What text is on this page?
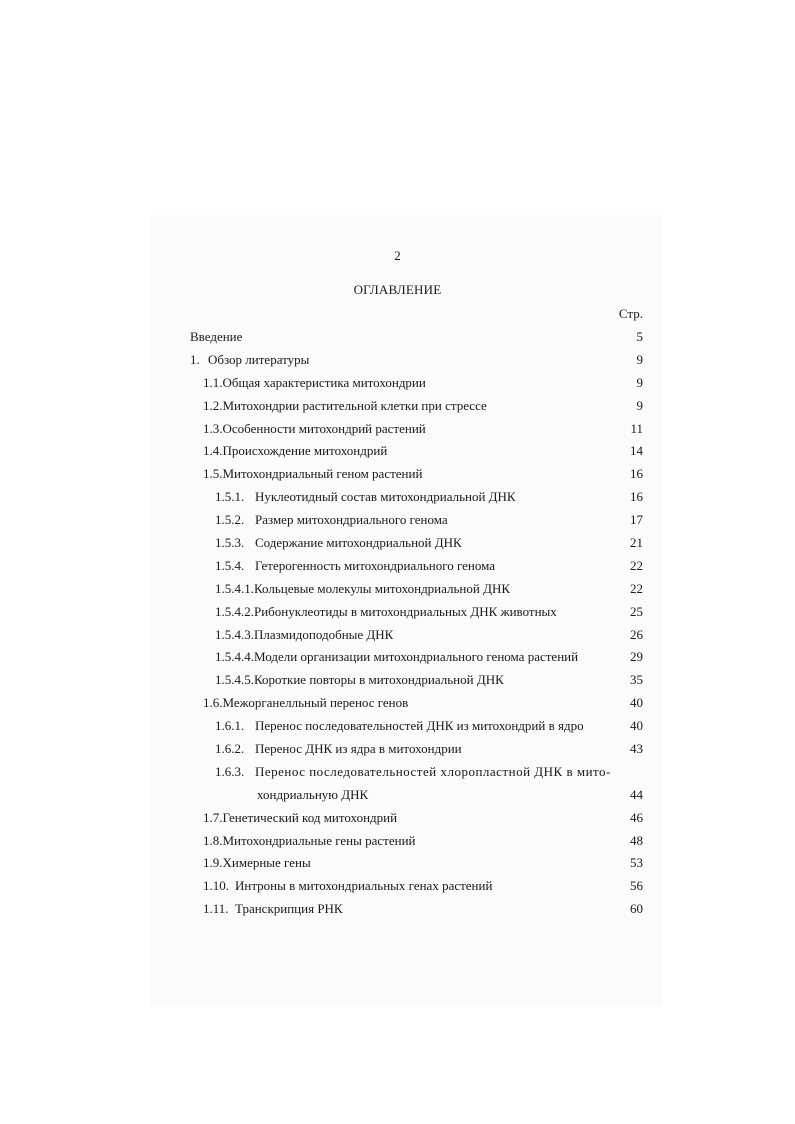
2
ОГЛАВЛЕНИЕ
Стр.
Введение	5
1. Обзор литературы	9
1.1.Общая характеристика митохондрии	9
1.2.Митохондрии растительной клетки при стрессе	9
1.3.Особенности митохондрий растений	11
1.4.Происхождение митохондрий	14
1.5.Митохондриальный геном растений	16
1.5.1. Нуклеотидный состав митохондриальной ДНК	16
1.5.2. Размер митохондриального генома	17
1.5.3. Содержание митохондриальной ДНК	21
1.5.4. Гетерогенность митохондриального генома	22
1.5.4.1.Кольцевые молекулы митохондриальной ДНК	22
1.5.4.2.Рибонуклеотиды в митохондриальных ДНК животных	25
1.5.4.3.Плазмидоподобные ДНК	26
1.5.4.4.Модели организации митохондриального генома растений	29
1.5.4.5.Короткие повторы в митохондриальной ДНК	35
1.6.Межорганелльный перенос генов	40
1.6.1. Перенос последовательностей ДНК из митохондрий в ядро	40
1.6.2. Перенос ДНК из ядра в митохондрии	43
1.6.3. Перенос последовательностей хлоропластной ДНК в мито-
хондриальную ДНК	44
1.7.Генетический код митохондрий	46
1.8.Митохондриальные гены растений	48
1.9.Химерные гены	53
1.10. Интроны в митохондриальных генах растений	56
1.11. Транскрипция РНК	60
